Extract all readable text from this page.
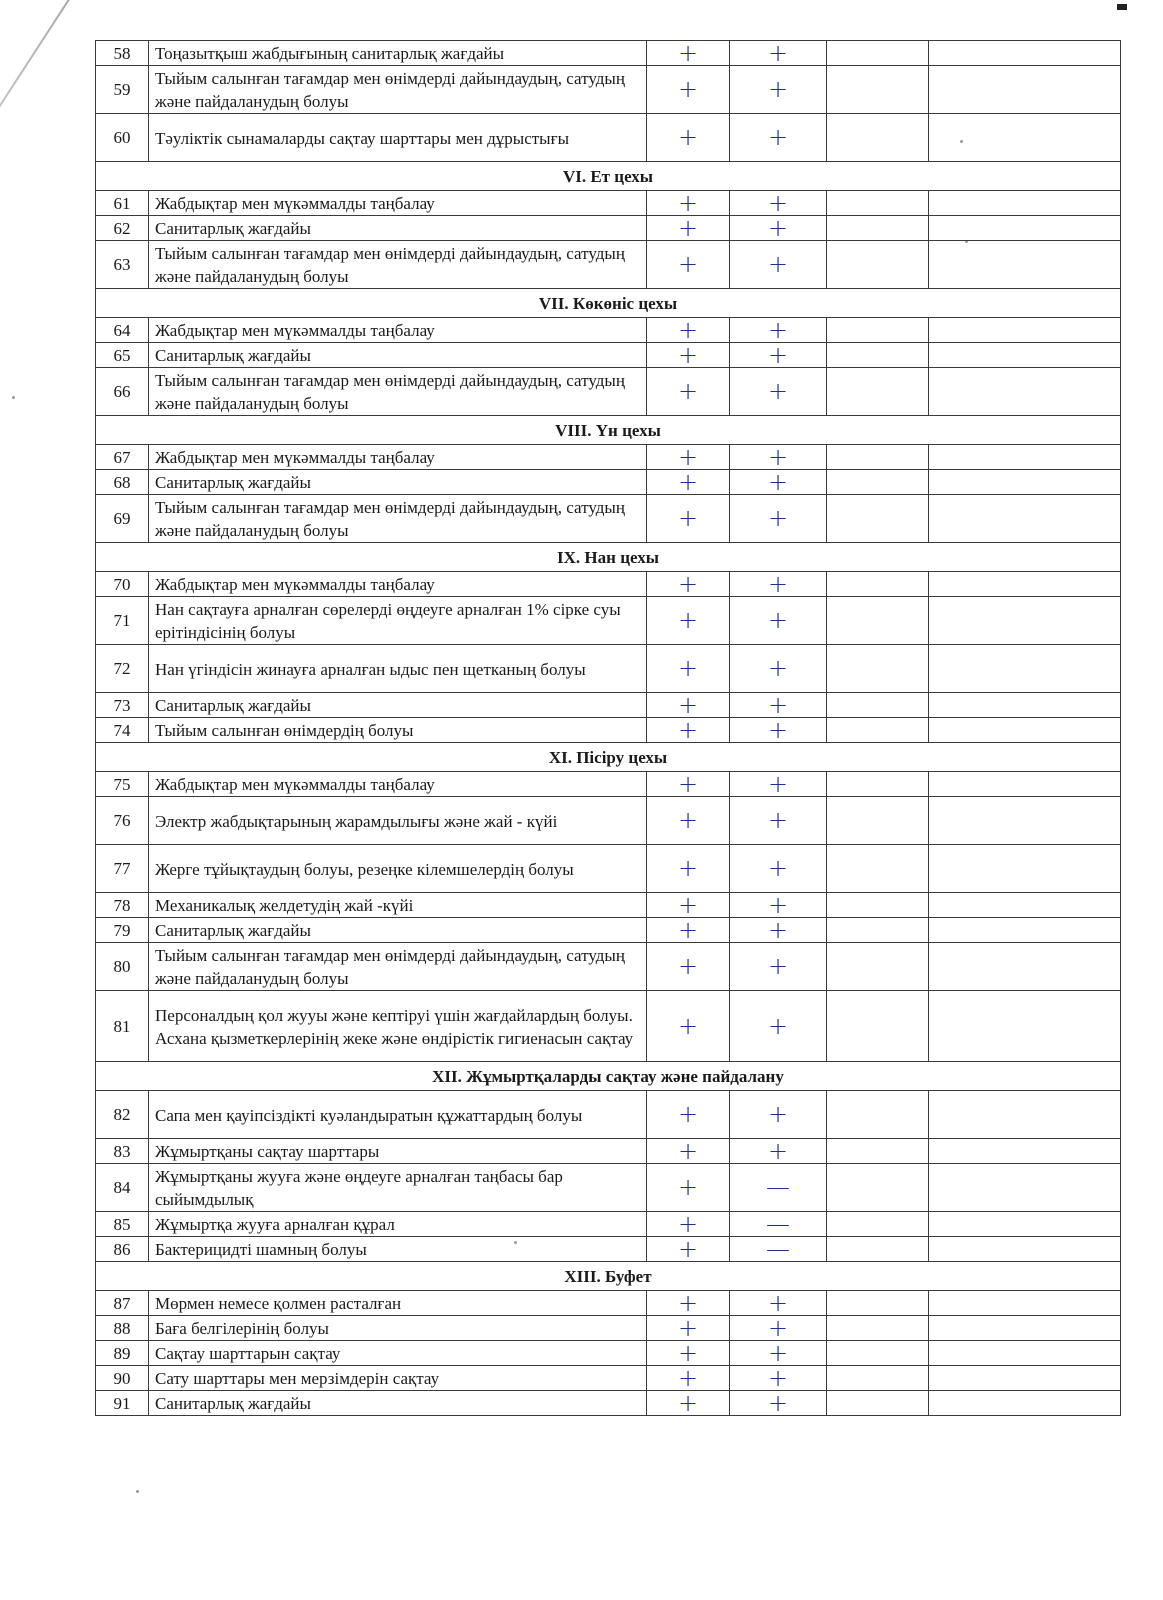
58	Тоңазытқыш жабдығының санитарлық жағдайы	+	+		
59	Тыйым салынған тағамдар мен өнімдерді дайындаудың, сатудың және пайдаланудың болуы	+	+		
60	Тәуліктік сынамаларды сақтау шарттары мен дұрыстығы	+	+		
VI. Ет цехы					
61	Жабдықтар мен мүкәммалды таңбалау	+	+		
62	Санитарлық жағдайы	+	+		
63	Тыйым салынған тағамдар мен өнімдерді дайындаудың, сатудың және пайдаланудың болуы	+	+		
VII. Көкөніс цехы					
64	Жабдықтар мен мүкәммалды таңбалау	+	+		
65	Санитарлық жағдайы	+	+		
66	Тыйым салынған тағамдар мен өнімдерді дайындаудың, сатудың және пайдаланудың болуы	+	+		
VIII. Үн цехы					
67	Жабдықтар мен мүкәммалды таңбалау	+	+		
68	Санитарлық жағдайы	+	+		
69	Тыйым салынған тағамдар мен өнімдерді дайындаудың, сатудың және пайдаланудың болуы	+	+		
IX. Нан цехы					
70	Жабдықтар мен мүкәммалды таңбалау	+	+		
71	Нан сақтауға арналған сөрелерді өңдеуге арналған 1% сірке суы ерітіндісінің болуы	+	+		
72	Нан үгіндісін жинауға арналған ыдыс пен щетканың болуы	+	+		
73	Санитарлық жағдайы	+	+		
74	Тыйым салынған өнімдердің болуы	+	+		
XI. Пісіру цехы					
75	Жабдықтар мен мүкәммалды таңбалау	+	+		
76	Электр жабдықтарының жарамдылығы және жай - күйі	+	+		
77	Жерге тұйықтаудың болуы, резеңке кілемшелердің болуы	+	+		
78	Механикалық желдетудің жай -күйі	+	+		
79	Санитарлық жағдайы	+	+		
80	Тыйым салынған тағамдар мен өнімдерді дайындаудың, сатудың және пайдаланудың болуы	+	+		
81	Персоналдың қол жууы және кептіруі үшін жағдайлардың болуы. Асхана қызметкерлерінің жеке және өндірістік гигиенасын сақтау	+	+		
XII. Жұмыртқаларды сақтау және пайдалану					
82	Сапа мен қауіпсіздікті куәландыратын құжаттардың болуы	+	+		
83	Жұмыртқаны сақтау шарттары	+	+		
84	Жұмыртқаны жууға және өңдеуге арналған таңбасы бар сыйымдылық	+	—		
85	Жұмыртқа жууға арналған құрал	+	—		
86	Бактерицидті шамның болуы	+	—		
XIII. Буфет					
87	Мөрмен немесе қолмен расталған	+	+		
88	Баға белгілерінің болуы	+	+		
89	Сақтау шарттарын сақтау	+	+		
90	Сату шарттары мен мерзімдерін сақтау	+	+		
91	Санитарлық жағдайы	+	+		
